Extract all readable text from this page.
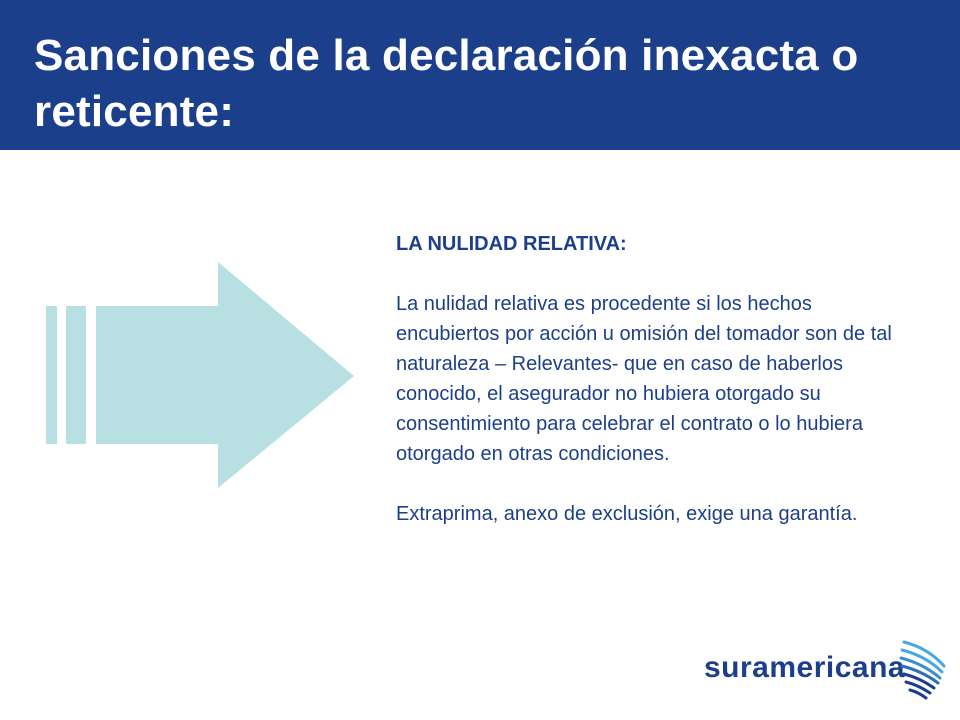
Sanciones de la declaración inexacta o reticente:

LA NULIDAD RELATIVA:

La nulidad relativa es procedente si los hechos encubiertos por acción u omisión del tomador son de tal naturaleza – Relevantes- que en caso de haberlos conocido, el asegurador no hubiera otorgado su consentimiento para celebrar el contrato o lo hubiera otorgado en otras condiciones.

Extraprima, anexo de exclusión, exige una garantía.

suramericana
